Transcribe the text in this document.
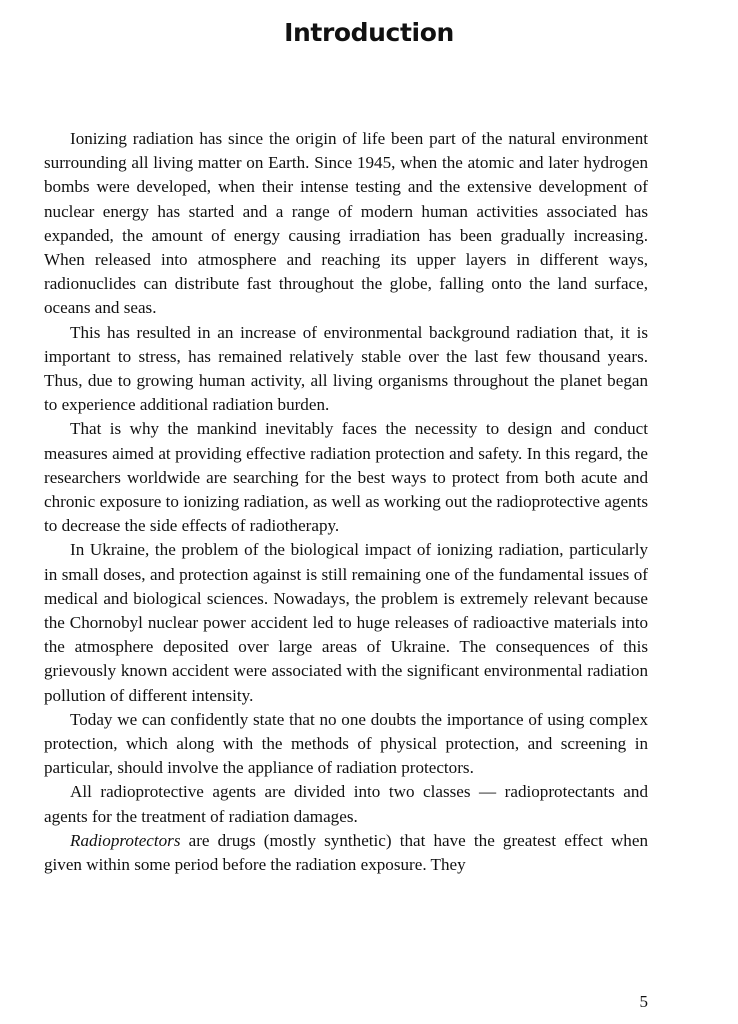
Introduction

Ionizing radiation has since the origin of life been part of the natural environment surrounding all living matter on Earth. Since 1945, when the atomic and later hydrogen bombs were developed, when their intense testing and the extensive development of nuclear energy has started and a range of modern human activities associated has expanded, the amount of energy causing irradiation has been gradually increasing. When released into atmosphere and reaching its upper layers in different ways, radionuclides can distribute fast throughout the globe, falling onto the land surface, oceans and seas.

This has resulted in an increase of environmental background radiation that, it is important to stress, has remained relatively stable over the last few thousand years. Thus, due to growing human activity, all living organisms throughout the planet began to experience additional radiation burden.

That is why the mankind inevitably faces the necessity to design and conduct measures aimed at providing effective radiation protection and safety. In this regard, the researchers worldwide are searching for the best ways to protect from both acute and chronic exposure to ionizing radiation, as well as working out the radioprotective agents to decrease the side effects of radiotherapy.

In Ukraine, the problem of the biological impact of ionizing radiation, particularly in small doses, and protection against is still remaining one of the fundamental issues of medical and biological sciences. Nowadays, the problem is extremely relevant because the Chornobyl nuclear power accident led to huge releases of radioactive materials into the atmosphere deposited over large areas of Ukraine. The consequences of this grievously known accident were associated with the significant environmental radiation pollution of different intensity.

Today we can confidently state that no one doubts the importance of using complex protection, which along with the methods of physical protection, and screening in particular, should involve the appliance of radiation protectors.

All radioprotective agents are divided into two classes — radioprotectants and agents for the treatment of radiation damages.

Radioprotectors are drugs (mostly synthetic) that have the greatest effect when given within some period before the radiation exposure. They

5
